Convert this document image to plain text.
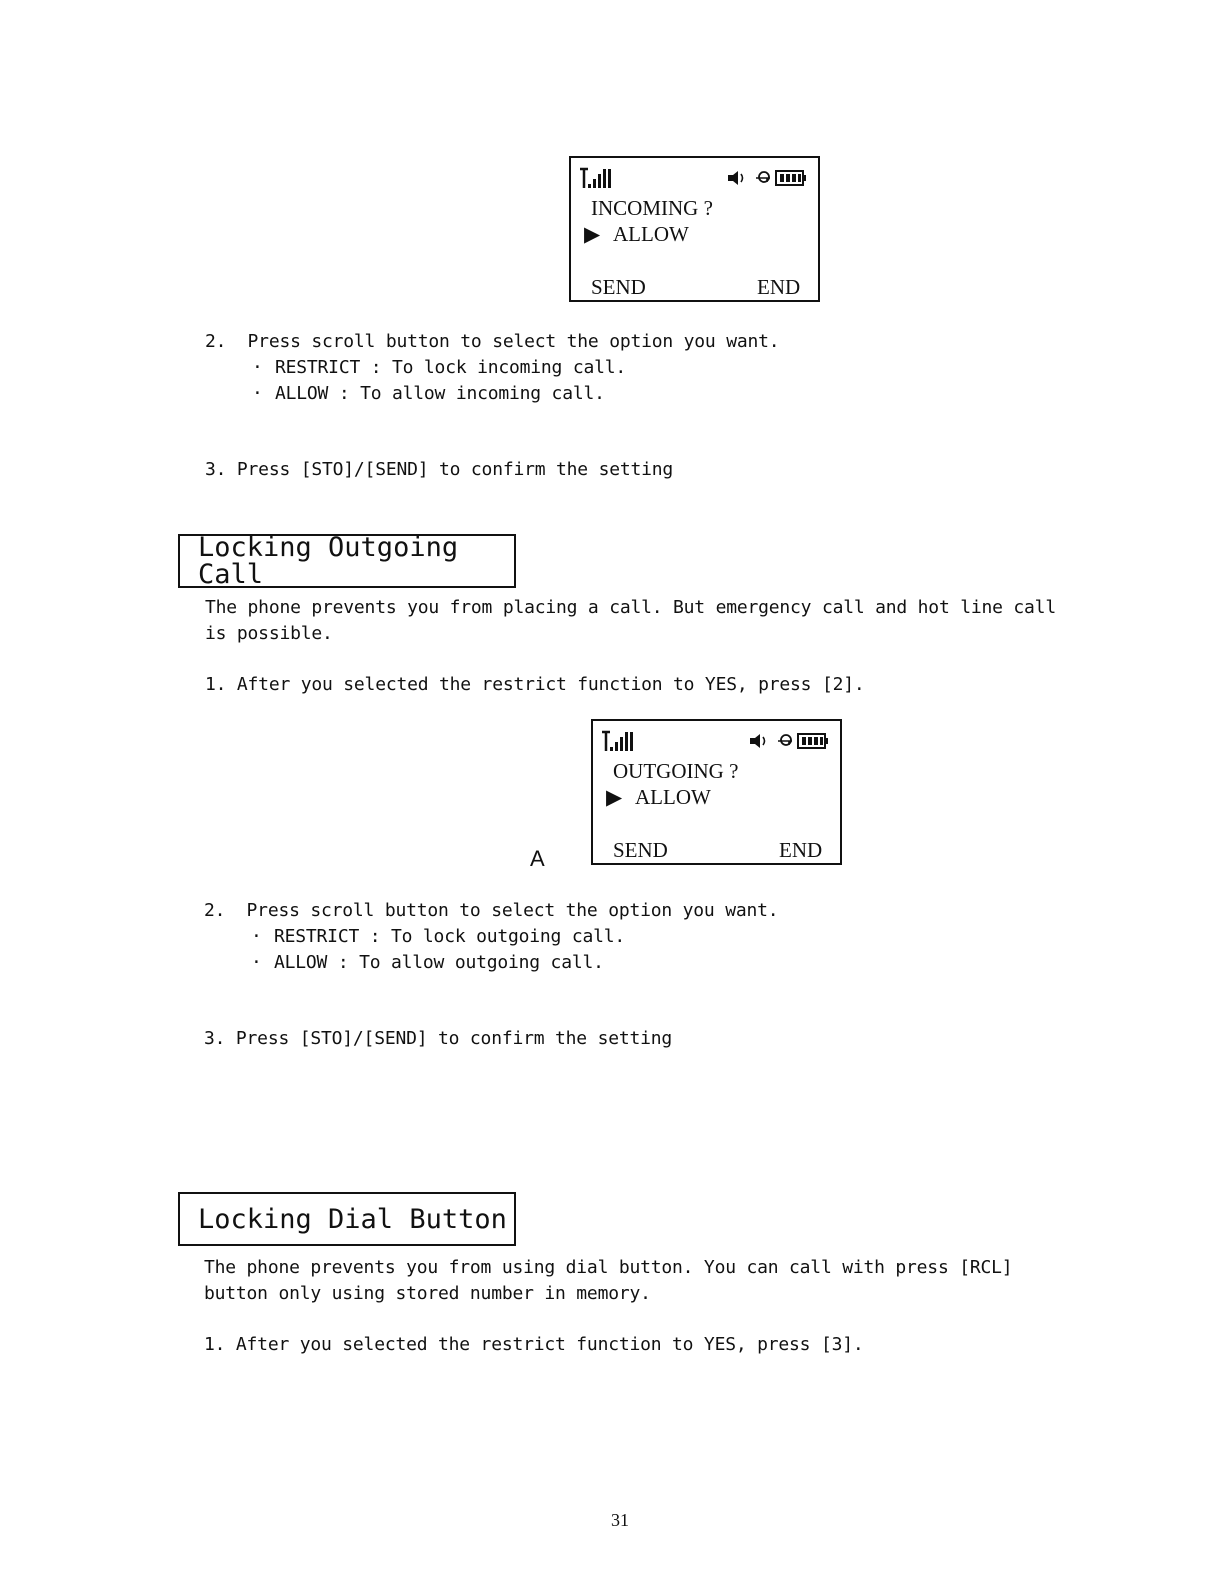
INCOMING ?
▶ ALLOW
SEND	END
2.  Press scroll button to select the option you want.
· RESTRICT : To lock incoming call.
· ALLOW : To allow incoming call.
3. Press [STO]/[SEND] to confirm the setting
Locking Outgoing Call
The phone prevents you from placing a call. But emergency call and hot line call is possible.
1. After you selected the restrict function to YES, press [2].
A
OUTGOING ?
▶ ALLOW
SEND	END
2.  Press scroll button to select the option you want.
· RESTRICT : To lock outgoing call.
· ALLOW : To allow outgoing call.
3. Press [STO]/[SEND] to confirm the setting
Locking Dial Button
The phone prevents you from using dial button. You can call with press [RCL] button only using stored number in memory.
1. After you selected the restrict function to YES, press [3].
31
